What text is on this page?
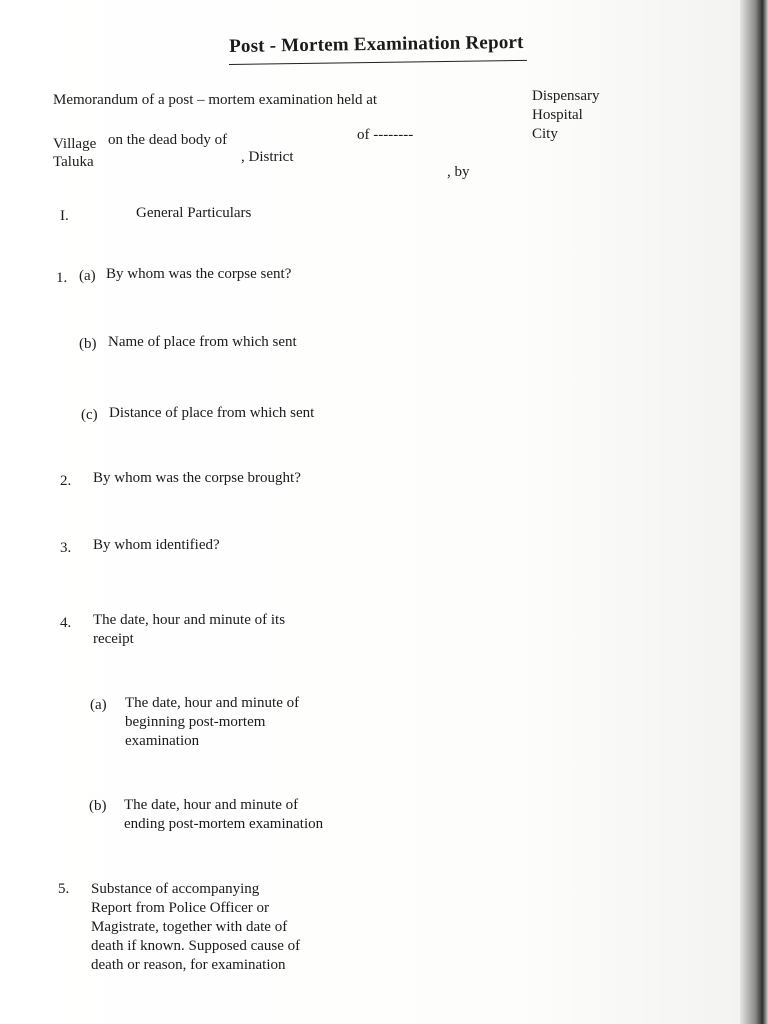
Post - Mortem Examination Report
Memorandum of a post – mortem examination held at	Dispensary
Hospital
City
Village on the dead body of	of --------
Taluka	, District
, by
I.	General Particulars
1. (a) By whom was the corpse sent?
(b) Name of place from which sent
(c) Distance of place from which sent
2. By whom was the corpse brought?
3. By whom identified?
4. The date, hour and minute of its
receipt
(a) The date, hour and minute of
beginning post-mortem
examination
(b) The date, hour and minute of
ending post-mortem examination
5. Substance of accompanying
Report from Police Officer or
Magistrate, together with date of
death if known. Supposed cause of
death or reason, for examination
